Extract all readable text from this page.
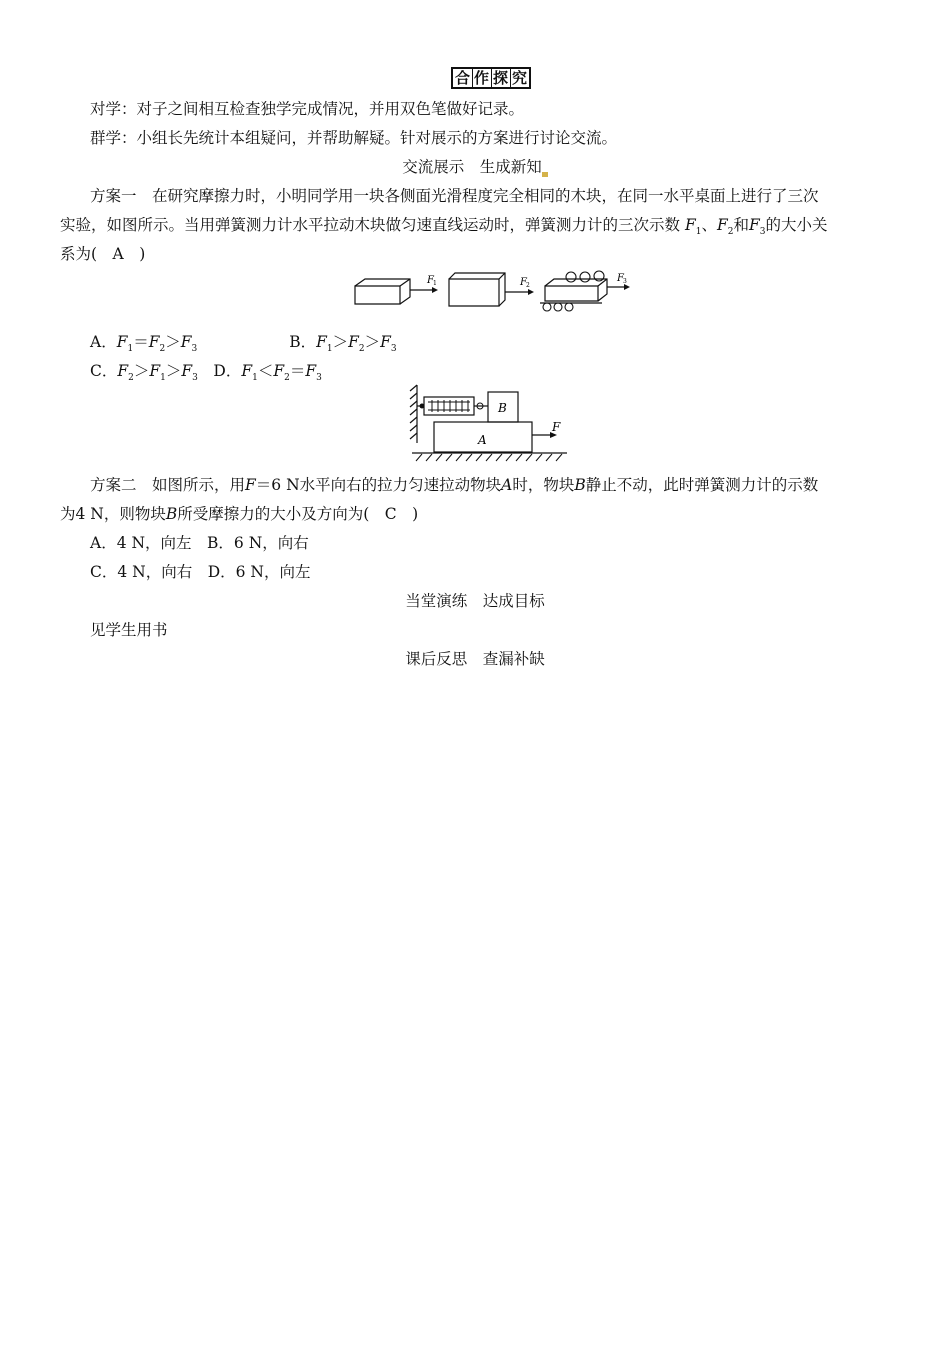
合 作 探 究
对学：对子之间相互检查独学完成情况，并用双色笔做好记录。
群学：小组长先统计本组疑问，并帮助解疑。针对展示的方案进行讨论交流。
交流展示　生成新知
方案一　在研究摩擦力时，小明同学用一块各侧面光滑程度完全相同的木块，在同一水平桌面上进行了三次
实验，如图所示。当用弹簧测力计水平拉动木块做匀速直线运动时，弹簧测力计的三次示数 $F_1$、$F_2$和$F_3$的大小关
系为(　A　)
F 1	F 2
F 3
A．$F_1=F_2>F_3$	B．$F_1>F_2>F_3$
C．$F_2>F_1>F_3$　 D．$F_1<F_2=F_3$
B
A
F
方案二　如图所示，用F＝6 N水平向右的拉力匀速拉动物块A时，物块B静止不动，此时弹簧测力计的示数
为4 N，则物块B所受摩擦力的大小及方向为(　C　)
A．4 N，向左　B．6 N，向右
C．4 N，向右　D．6 N，向左
当堂演练　达成目标
见学生用书
课后反思　查漏补缺
